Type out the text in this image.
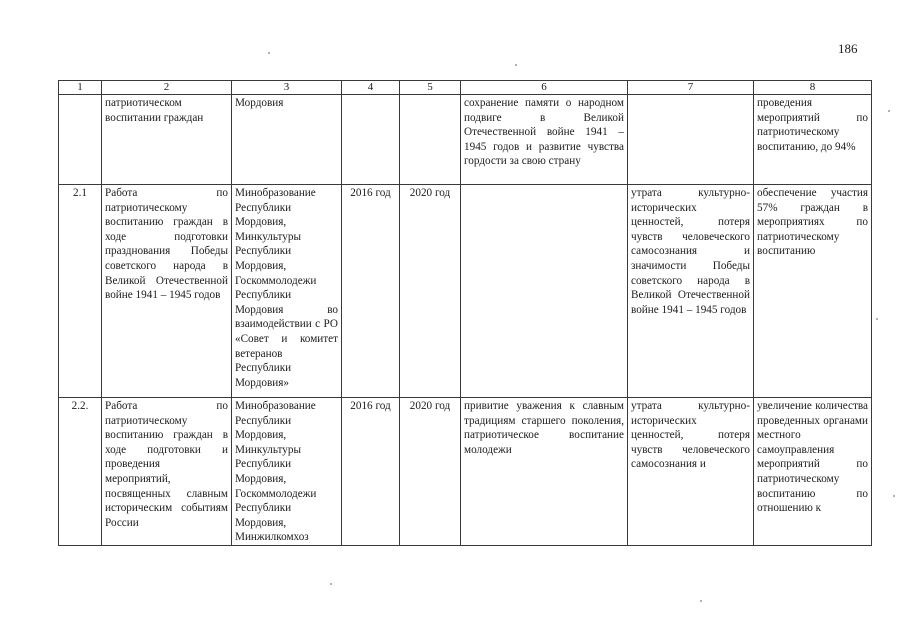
186
1	2	3	4	5	6	7	8
	патриотическом воспитании граждан	Мордовия			сохранение памяти о народном подвиге в Великой Отечественной войне 1941 – 1945 годов и развитие чувства гордости за свою страну		проведения мероприятий по патриотическому воспитанию, до 94%
2.1	Работа по патриотическому воспитанию граждан в ходе подготовки празднования Победы советского народа в Великой Отечественной войне 1941 – 1945 годов	Минобразование Республики Мордовия, Минкультуры Республики Мордовия, Госкоммолодежи Республики Мордовия во взаимодействии с РО «Совет и комитет ветеранов Республики Мордовия»	2016 год	2020 год		утрата культурно-исторических ценностей, потеря чувств человеческого самосознания и значимости Победы советского народа в Великой Отечественной войне 1941 – 1945 годов	обеспечение участия 57% граждан в мероприятиях по патриотическому воспитанию
2.2.	Работа по патриотическому воспитанию граждан в ходе подготовки и проведения мероприятий, посвященных славным историческим событиям России	Минобразование Республики Мордовия, Минкультуры Республики Мордовия, Госкоммолодежи Республики Мордовия, Минжилкомхоз	2016 год	2020 год	привитие уважения к славным традициям старшего поколения, патриотическое воспитание молодежи	утрата культурно-исторических ценностей, потеря чувств человеческого самосознания и	увеличение количества проведенных органами местного самоуправления мероприятий по патриотическому воспитанию по отношению к
